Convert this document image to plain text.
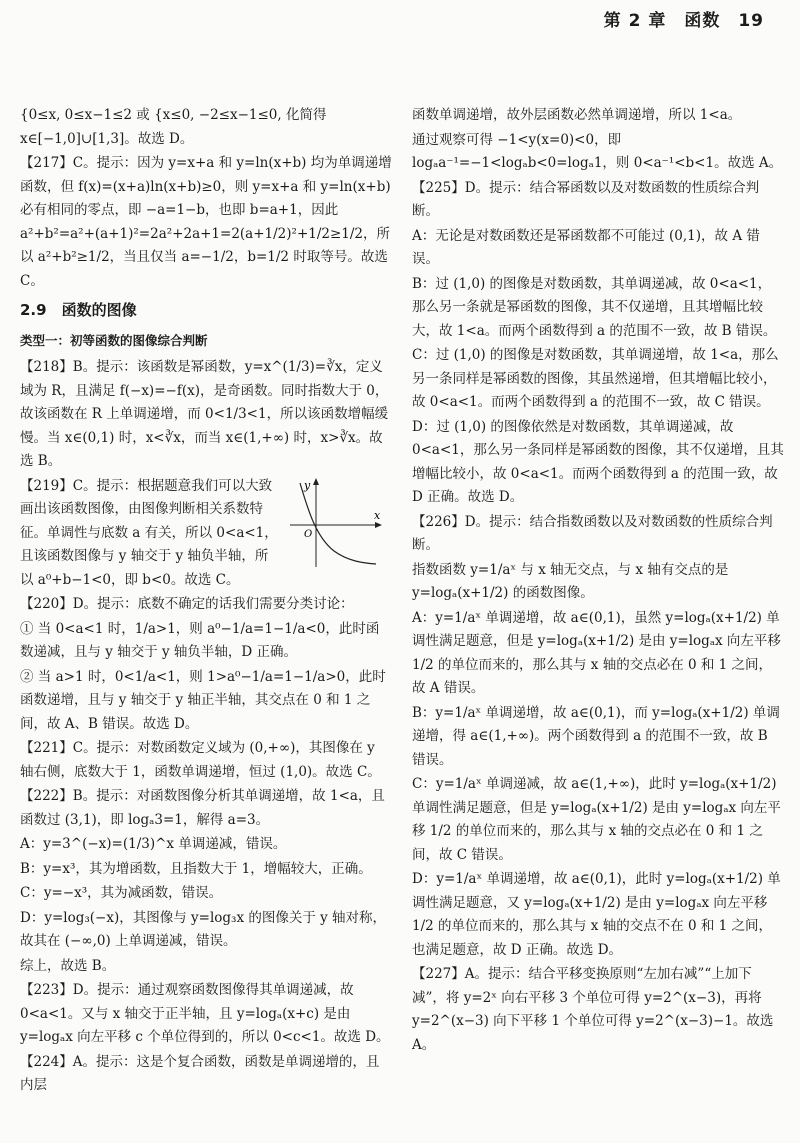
第 2 章　函数　19

{0≤x, 0≤x−1≤2 或 {x≤0, −2≤x−1≤0, 化简得 x∈[−1,0]∪[1,3]。故选 D。

【217】C。提示：因为 y=x+a 和 y=ln(x+b) 均为单调递增函数，但 f(x)=(x+a)ln(x+b)≥0，则 y=x+a 和 y=ln(x+b) 必有相同的零点，即 −a=1−b，也即 b=a+1，因此 a²+b²=a²+(a+1)²=2a²+2a+1=2(a+1/2)²+1/2≥1/2，所以 a²+b²≥1/2，当且仅当 a=−1/2，b=1/2 时取等号。故选 C。

2.9　函数的图像

类型一：初等函数的图像综合判断

【218】B。提示：该函数是幂函数，y=x^(1/3)=∛x，定义域为 R，且满足 f(−x)=−f(x)，是奇函数。同时指数大于 0，故该函数在 R 上单调递增，而 0<1/3<1，所以该函数增幅缓慢。当 x∈(0,1) 时，x<∛x，而当 x∈(1,+∞) 时，x>∛x。故选 B。

y
x
O

【219】C。提示：根据题意我们可以大致画出该函数图像，由图像判断相关系数特征。单调性与底数 a 有关，所以 0<a<1，且该函数图像与 y 轴交于 y 轴负半轴，所以 a⁰+b−1<0，即 b<0。故选 C。

【220】D。提示：底数不确定的话我们需要分类讨论：

① 当 0<a<1 时，1/a>1，则 a⁰−1/a=1−1/a<0，此时函数递减，且与 y 轴交于 y 轴负半轴，D 正确。

② 当 a>1 时，0<1/a<1，则 1>a⁰−1/a=1−1/a>0，此时函数递增，且与 y 轴交于 y 轴正半轴，其交点在 0 和 1 之间，故 A、B 错误。故选 D。

【221】C。提示：对数函数定义域为 (0,+∞)，其图像在 y 轴右侧，底数大于 1，函数单调递增，恒过 (1,0)。故选 C。

【222】B。提示：对函数图像分析其单调递增，故 1<a，且函数过 (3,1)，即 logₐ3=1，解得 a=3。

A：y=3^(−x)=(1/3)^x 单调递减，错误。

B：y=x³，其为增函数，且指数大于 1，增幅较大，正确。

C：y=−x³，其为减函数，错误。

D：y=log₃(−x)，其图像与 y=log₃x 的图像关于 y 轴对称，故其在 (−∞,0) 上单调递减，错误。

综上，故选 B。

【223】D。提示：通过观察函数图像得其单调递减，故 0<a<1。又与 x 轴交于正半轴，且 y=logₐ(x+c) 是由 y=logₐx 向左平移 c 个单位得到的，所以 0<c<1。故选 D。

【224】A。提示：这是个复合函数，函数是单调递增的，且内层

函数单调递增，故外层函数必然单调递增，所以 1<a。

通过观察可得 −1<y(x=0)<0，即 logₐa⁻¹=−1<logₐb<0=logₐ1，则 0<a⁻¹<b<1。故选 A。

【225】D。提示：结合幂函数以及对数函数的性质综合判断。

A：无论是对数函数还是幂函数都不可能过 (0,1)，故 A 错误。

B：过 (1,0) 的图像是对数函数，其单调递减，故 0<a<1，那么另一条就是幂函数的图像，其不仅递增，且其增幅比较大，故 1<a。而两个函数得到 a 的范围不一致，故 B 错误。

C：过 (1,0) 的图像是对数函数，其单调递增，故 1<a，那么另一条同样是幂函数的图像，其虽然递增，但其增幅比较小，故 0<a<1。而两个函数得到 a 的范围不一致，故 C 错误。

D：过 (1,0) 的图像依然是对数函数，其单调递减，故 0<a<1，那么另一条同样是幂函数的图像，其不仅递增，且其增幅比较小，故 0<a<1。而两个函数得到 a 的范围一致，故 D 正确。故选 D。

【226】D。提示：结合指数函数以及对数函数的性质综合判断。

指数函数 y=1/aˣ 与 x 轴无交点，与 x 轴有交点的是 y=logₐ(x+1/2) 的函数图像。

A：y=1/aˣ 单调递增，故 a∈(0,1)，虽然 y=logₐ(x+1/2) 单调性满足题意，但是 y=logₐ(x+1/2) 是由 y=logₐx 向左平移 1/2 的单位而来的，那么其与 x 轴的交点必在 0 和 1 之间，故 A 错误。

B：y=1/aˣ 单调递增，故 a∈(0,1)，而 y=logₐ(x+1/2) 单调递增，得 a∈(1,+∞)。两个函数得到 a 的范围不一致，故 B 错误。

C：y=1/aˣ 单调递减，故 a∈(1,+∞)，此时 y=logₐ(x+1/2) 单调性满足题意，但是 y=logₐ(x+1/2) 是由 y=logₐx 向左平移 1/2 的单位而来的，那么其与 x 轴的交点必在 0 和 1 之间，故 C 错误。

D：y=1/aˣ 单调递增，故 a∈(0,1)，此时 y=logₐ(x+1/2) 单调性满足题意，又 y=logₐ(x+1/2) 是由 y=logₐx 向左平移 1/2 的单位而来的，那么其与 x 轴的交点不在 0 和 1 之间，也满足题意，故 D 正确。故选 D。

【227】A。提示：结合平移变换原则“左加右减”“上加下减”，将 y=2ˣ 向右平移 3 个单位可得 y=2^(x−3)，再将 y=2^(x−3) 向下平移 1 个单位可得 y=2^(x−3)−1。故选 A。
